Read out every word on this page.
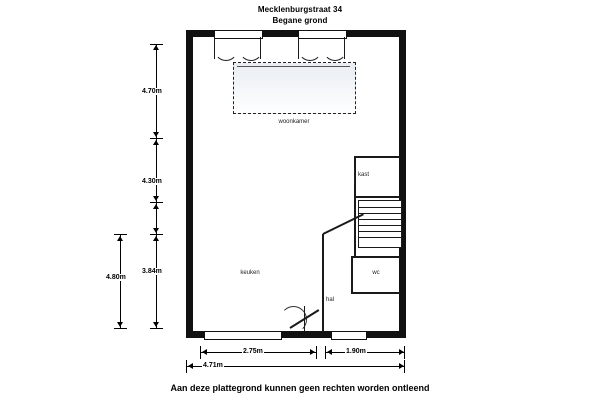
Mecklenburgstraat 34
Begane grond
woonkamer
kast
wc
hal
keuken
4.70m
4.30m
3.84m
4.80m
2.75m	1.90m
4.71m
Aan deze plattegrond kunnen geen rechten worden ontleend
